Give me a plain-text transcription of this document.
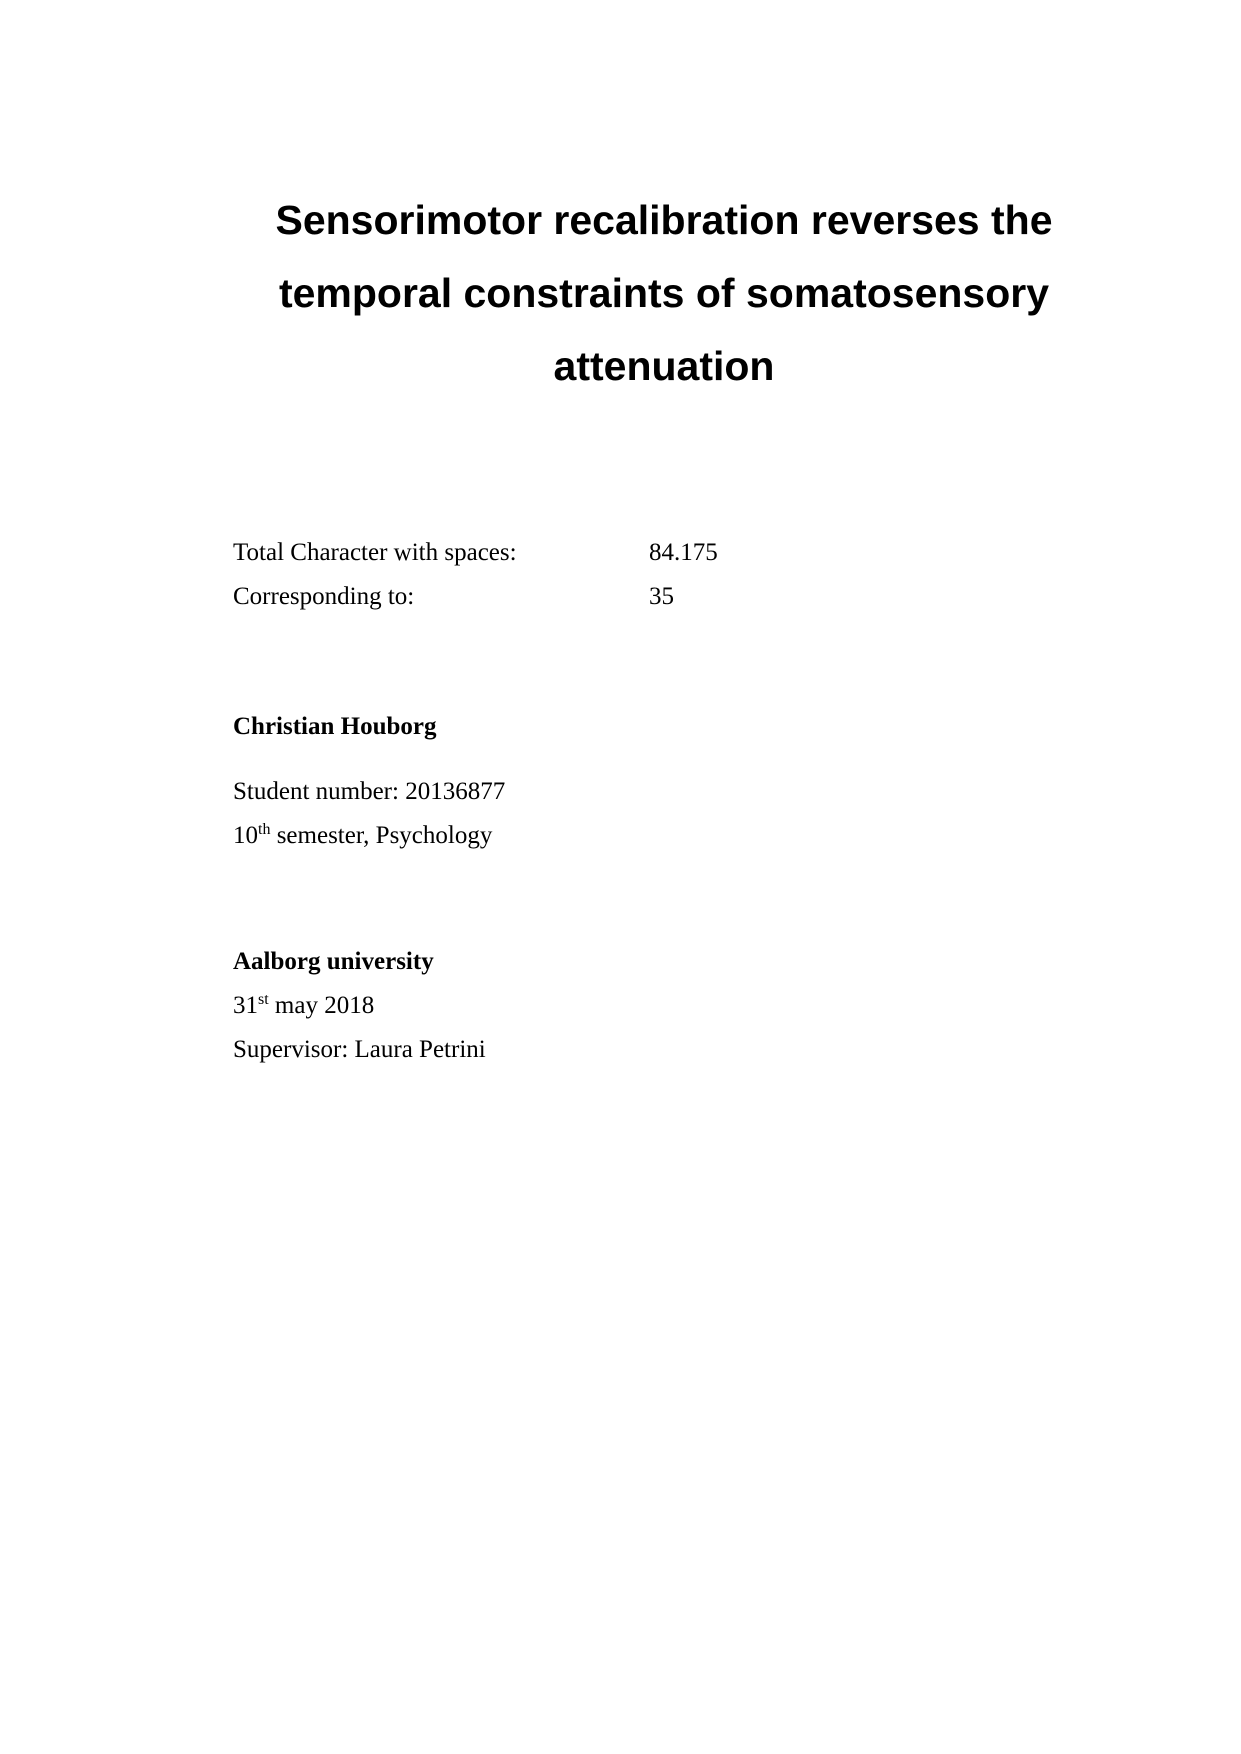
Sensorimotor recalibration reverses the
temporal constraints of somatosensory
attenuation
Total Character with spaces:	84.175
Corresponding to:	35
Christian Houborg
Student number: 20136877
10th semester, Psychology
Aalborg university
31st may 2018
Supervisor: Laura Petrini
